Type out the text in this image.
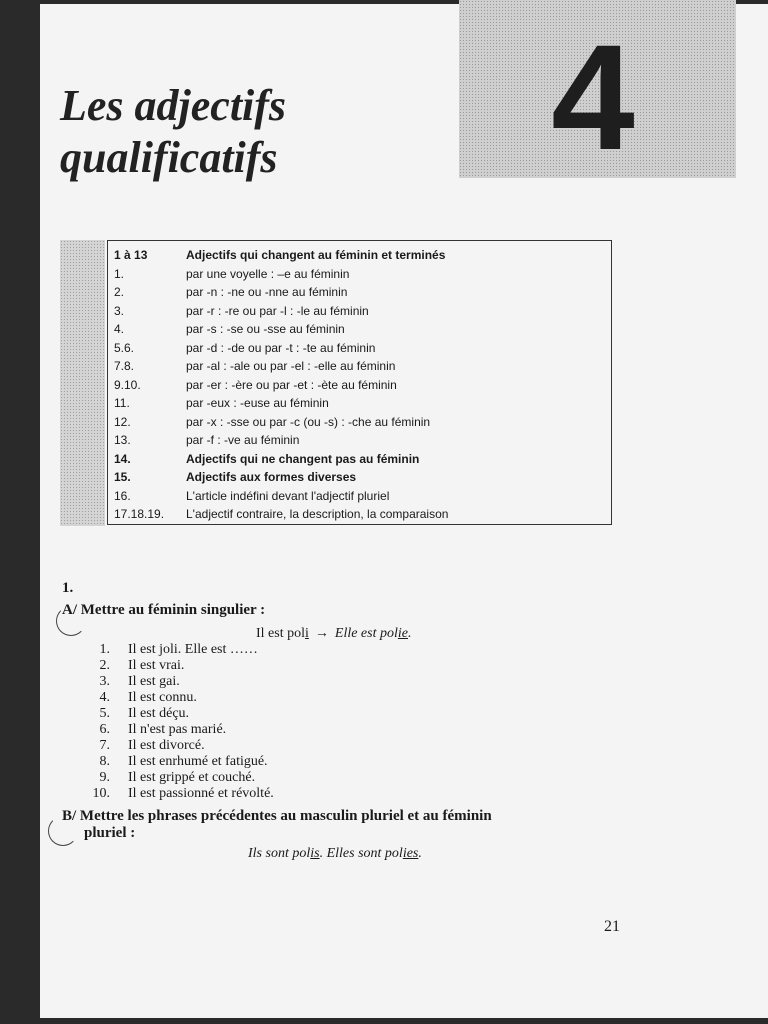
4
Les adjectifs
qualificatifs
1 à 13	Adjectifs qui changent au féminin et terminés
1.	par une voyelle : –e au féminin
2.	par -n : -ne ou -nne au féminin
3.	par -r : -re ou par -l : -le au féminin
4.	par -s : -se ou -sse au féminin
5.6.	par -d : -de ou par -t : -te au féminin
7.8.	par -al : -ale ou par -el : -elle au féminin
9.10.	par -er : -ère ou par -et : -ète au féminin
11.	par -eux : -euse au féminin
12.	par -x : -sse ou par -c (ou -s) : -che au féminin
13.	par -f : -ve au féminin
14.	Adjectifs qui ne changent pas au féminin
15.	Adjectifs aux formes diverses
16.	L'article indéfini devant l'adjectif pluriel
17.18.19.	L'adjectif contraire, la description, la comparaison
1.
A/ Mettre au féminin singulier :
Il est poli → Elle est polie.
1.	Il est joli. Elle est ……
2.	Il est vrai.
3.	Il est gai.
4.	Il est connu.
5.	Il est déçu.
6.	Il n'est pas marié.
7.	Il est divorcé.
8.	Il est enrhumé et fatigué.
9.	Il est grippé et couché.
10.	Il est passionné et révolté.
B/ Mettre les phrases précédentes au masculin pluriel et au féminin
pluriel :
Ils sont polis. Elles sont polies.
21
